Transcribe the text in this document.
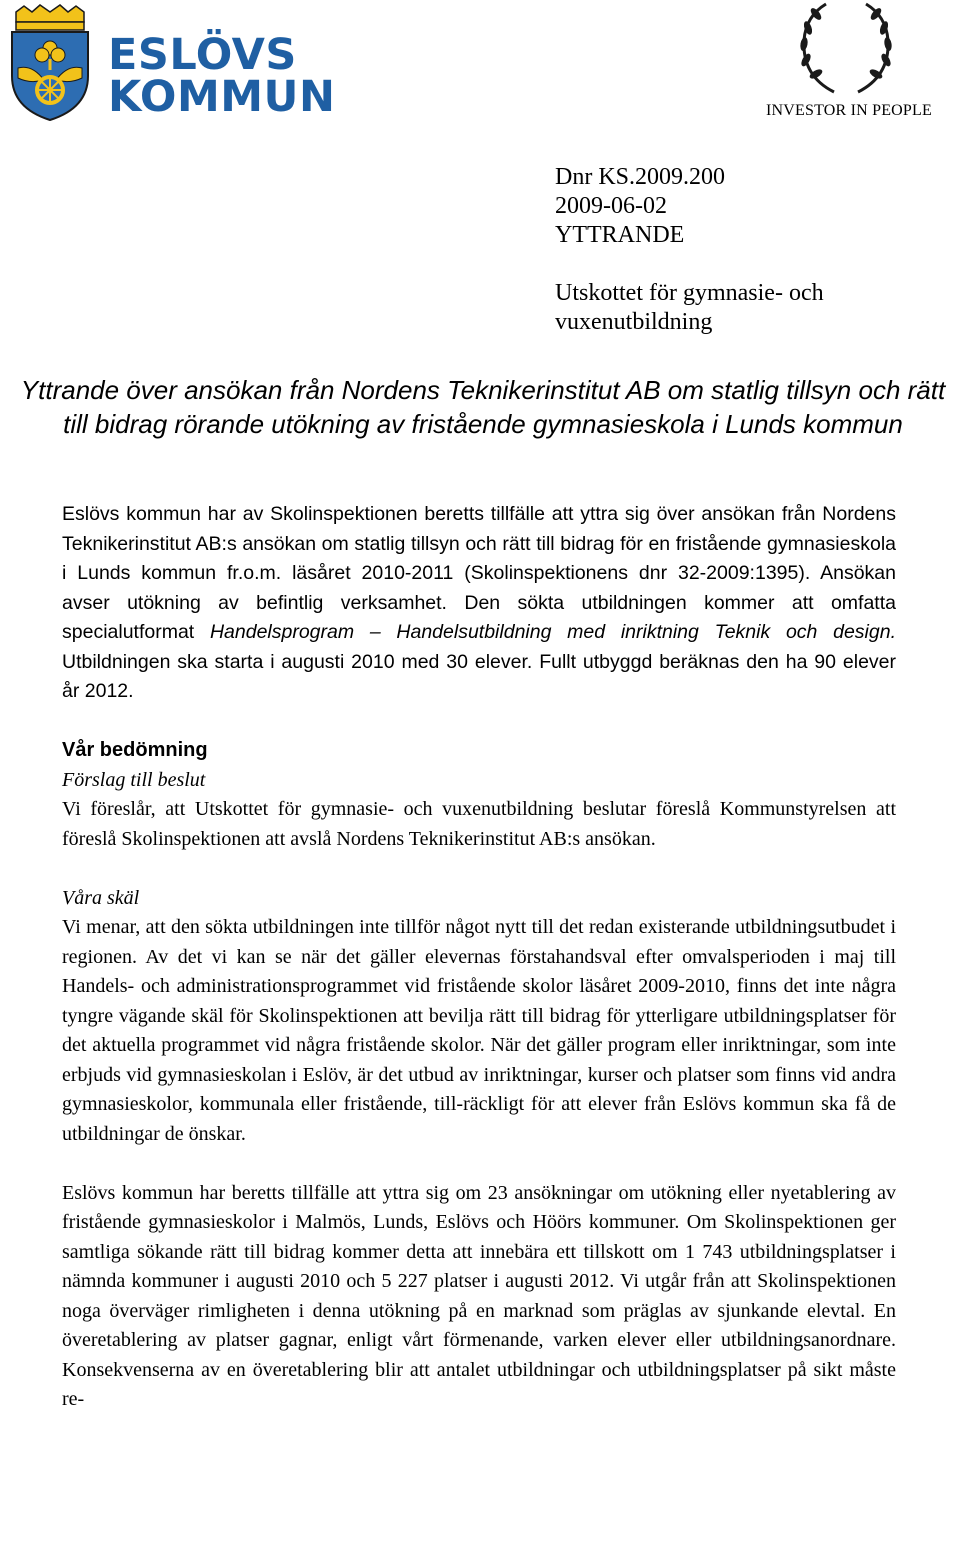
ESLÖVS
KOMMUN	INVESTOR IN PEOPLE
Dnr KS.2009.200
2009-06-02
YTTRANDE
Utskottet för gymnasie- och
vuxenutbildning
Yttrande över ansökan från Nordens Teknikerinstitut AB om statlig tillsyn och rätt till bidrag rörande utökning av fristående gymnasieskola i Lunds kommun

Eslövs kommun har av Skolinspektionen beretts tillfälle att yttra sig över ansökan från Nordens Teknikerinstitut AB:s ansökan om statlig tillsyn och rätt till bidrag för en fristående gymnasieskola i Lunds kommun fr.o.m. läsåret 2010-2011 (Skolinspektionens dnr 32-2009:1395). Ansökan avser utökning av befintlig verksamhet. Den sökta utbildningen kommer att omfatta specialutformat Handelsprogram – Handelsutbildning med inriktning Teknik och design. Utbildningen ska starta i augusti 2010 med 30 elever. Fullt utbyggd beräknas den ha 90 elever år 2012.

Vår bedömning

Förslag till beslut

Vi föreslår, att Utskottet för gymnasie- och vuxenutbildning beslutar föreslå Kommunstyrelsen att föreslå Skolinspektionen att avslå Nordens Teknikerinstitut AB:s ansökan.

Våra skäl

Vi menar, att den sökta utbildningen inte tillför något nytt till det redan existerande utbildningsutbudet i regionen. Av det vi kan se när det gäller elevernas förstahandsval efter omvalsperioden i maj till Handels- och administrationsprogrammet vid fristående skolor läsåret 2009-2010, finns det inte några tyngre vägande skäl för Skolinspektionen att bevilja rätt till bidrag för ytterligare utbildningsplatser för det aktuella programmet vid några fristående skolor. När det gäller program eller inriktningar, som inte erbjuds vid gymnasieskolan i Eslöv, är det utbud av inriktningar, kurser och platser som finns vid andra gymnasieskolor, kommunala eller fristående, till-räckligt för att elever från Eslövs kommun ska få de utbildningar de önskar.

Eslövs kommun har beretts tillfälle att yttra sig om 23 ansökningar om utökning eller nyetablering av fristående gymnasieskolor i Malmös, Lunds, Eslövs och Höörs kommuner. Om Skolinspektionen ger samtliga sökande rätt till bidrag kommer detta att innebära ett tillskott om 1 743 utbildningsplatser i nämnda kommuner i augusti 2010 och 5 227 platser i augusti 2012. Vi utgår från att Skolinspektionen noga överväger rimligheten i denna utökning på en marknad som präglas av sjunkande elevtal. En överetablering av platser gagnar, enligt vårt förmenande, varken elever eller utbildningsanordnare. Konsekvenserna av en överetablering blir att antalet utbildningar och utbildningsplatser på sikt måste re-
